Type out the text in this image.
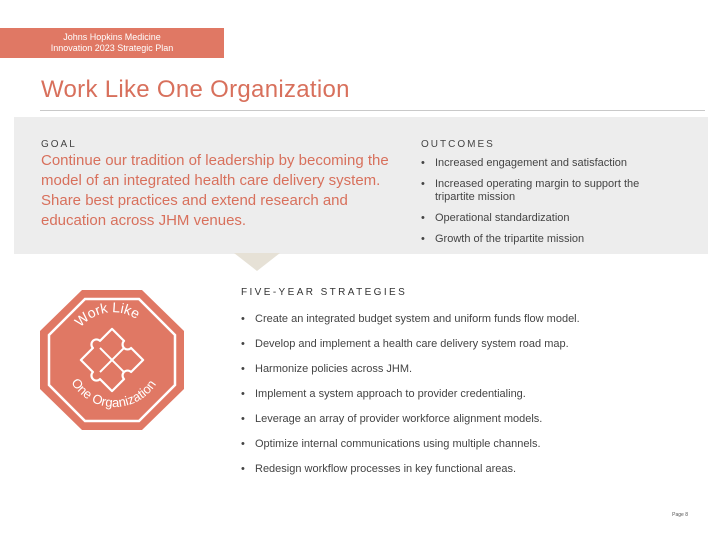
Johns Hopkins Medicine
Innovation 2023 Strategic Plan
Work Like One Organization
GOAL
Continue our tradition of leadership by becoming the model of an integrated health care delivery system. Share best practices and extend research and education across JHM venues.
OUTCOMES
• Increased engagement and satisfaction
• Increased operating margin to support the tripartite mission
• Operational standardization
• Growth of the tripartite mission
Work Like
One Organization
FIVE-YEAR STRATEGIES
• Create an integrated budget system and uniform funds flow model.
• Develop and implement a health care delivery system road map.
• Harmonize policies across JHM.
• Implement a system approach to provider credentialing.
• Leverage an array of provider workforce alignment models.
• Optimize internal communications using multiple channels.
• Redesign workflow processes in key functional areas.
Page 8
